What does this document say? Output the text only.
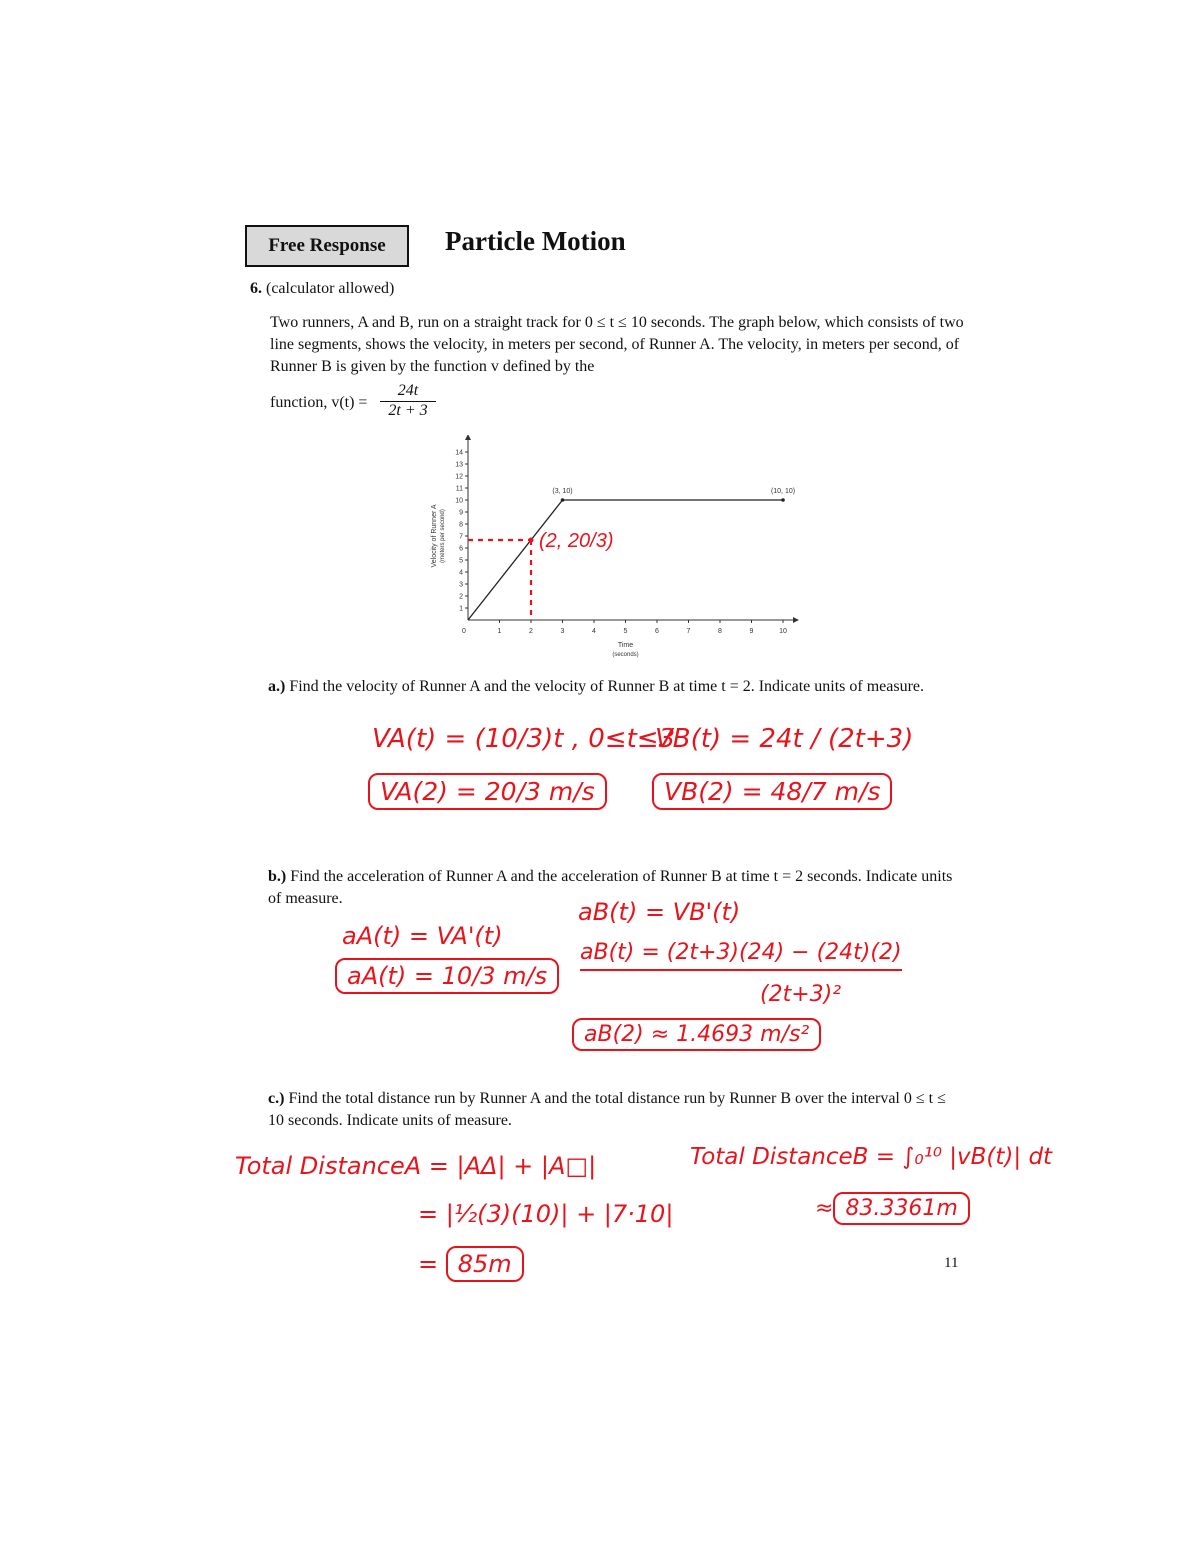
Free Response Particle Motion
6. (calculator allowed)
Two runners, A and B, run on a straight track for 0 ≤ t ≤ 10 seconds. The graph below, which consists of two line segments, shows the velocity, in meters per second, of Runner A. The velocity, in meters per second, of Runner B is given by the function v defined by the
function, $v(t) = \frac{24t}{2t + 3}$
0	1	2	3	4	5	6	7	8	9	10
1
2
3
4
5
6
7
8
9
10
11
12
13
14
(3, 10)	(10, 10)
Time
(seconds)
Velocity of Runner A (meters per second)	(2, 20/3)
a.) Find the velocity of Runner A and the velocity of Runner B at time t = 2. Indicate units of measure.
VA(t) = (10/3)t , 0≤t≤3
VB(t) = 24t / (2t+3)
VA(2) = 20/3 m/s	VB(2) = 48/7 m/s
b.) Find the acceleration of Runner A and the acceleration of Runner B at time t = 2 seconds. Indicate units of measure.
aA(t) = VA'(t)
aA(t) = 10/3 m/s
aB(t) = VB'(t)
aB(t) = (2t+3)(24) − (24t)(2)
(2t+3)²
aB(2) ≈ 1.4693 m/s²
c.) Find the total distance run by Runner A and the total distance run by Runner B over the interval 0 ≤ t ≤ 10 seconds. Indicate units of measure.
Total DistanceA = |AΔ| + |A□|
= |½(3)(10)| + |7·10|
= 85m
Total DistanceB = ∫₀¹⁰ |vB(t)| dt
≈ 83.3361m
11
